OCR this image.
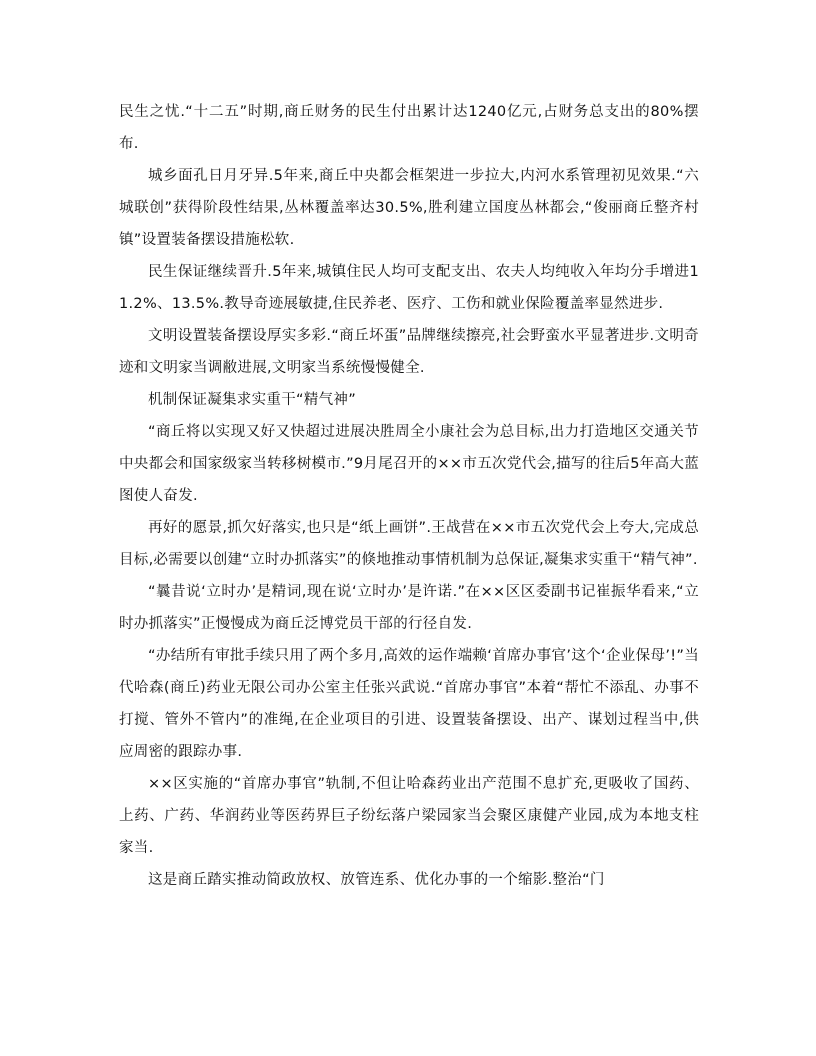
民生之忧.“十二五”时期,商丘财务的民生付出累计达1240亿元,占财务总支出的80%摆布.

城乡面孔日月牙异.5年来,商丘中央都会框架进一步拉大,内河水系管理初见效果.“六城联创”获得阶段性结果,丛林覆盖率达30.5%,胜利建立国度丛林都会,“俊丽商丘整齐村镇”设置装备摆设措施松软.

民生保证继续晋升.5年来,城镇住民人均可支配支出、农夫人均纯收入年均分手增进11.2%、13.5%.教导奇迹展敏捷,住民养老、医疗、工伤和就业保险覆盖率显然进步.

文明设置装备摆设厚实多彩.“商丘坏蛋”品牌继续擦亮,社会野蛮水平显著进步.文明奇迹和文明家当调敝进展,文明家当系统慢慢健全.

机制保证凝集求实重干“精气神”

“商丘将以实现又好又快超过进展决胜周全小康社会为总目标,出力打造地区交通关节中央都会和国家级家当转移树模市.”9月尾召开的××市五次党代会,描写的往后5年高大蓝图使人奋发.

再好的愿景,抓欠好落实,也只是“纸上画饼”.王战营在××市五次党代会上夸大,完成总目标,必需要以创建“立时办抓落实”的倏地推动事情机制为总保证,凝集求实重干“精气神”.

“曩昔说‘立时办’是精词,现在说‘立时办’是许诺.”在××区区委副书记崔振华看来,“立时办抓落实”正慢慢成为商丘泛博党员干部的行径自发.

“办结所有审批手续只用了两个多月,高效的运作端赖‘首席办事官’这个‘企业保母’!”当代哈森(商丘)药业无限公司办公室主任张兴武说.“首席办事官”本着“帮忙不添乱、办事不打搅、管外不管内”的准绳,在企业项目的引进、设置装备摆设、出产、谋划过程当中,供应周密的跟踪办事.

××区实施的“首席办事官”轨制,不但让哈森药业出产范围不息扩充,更吸收了国药、上药、广药、华润药业等医药界巨子纷纭落户梁园家当会聚区康健产业园,成为本地支柱家当.

这是商丘踏实推动简政放权、放管连系、优化办事的一个缩影.整治“门
